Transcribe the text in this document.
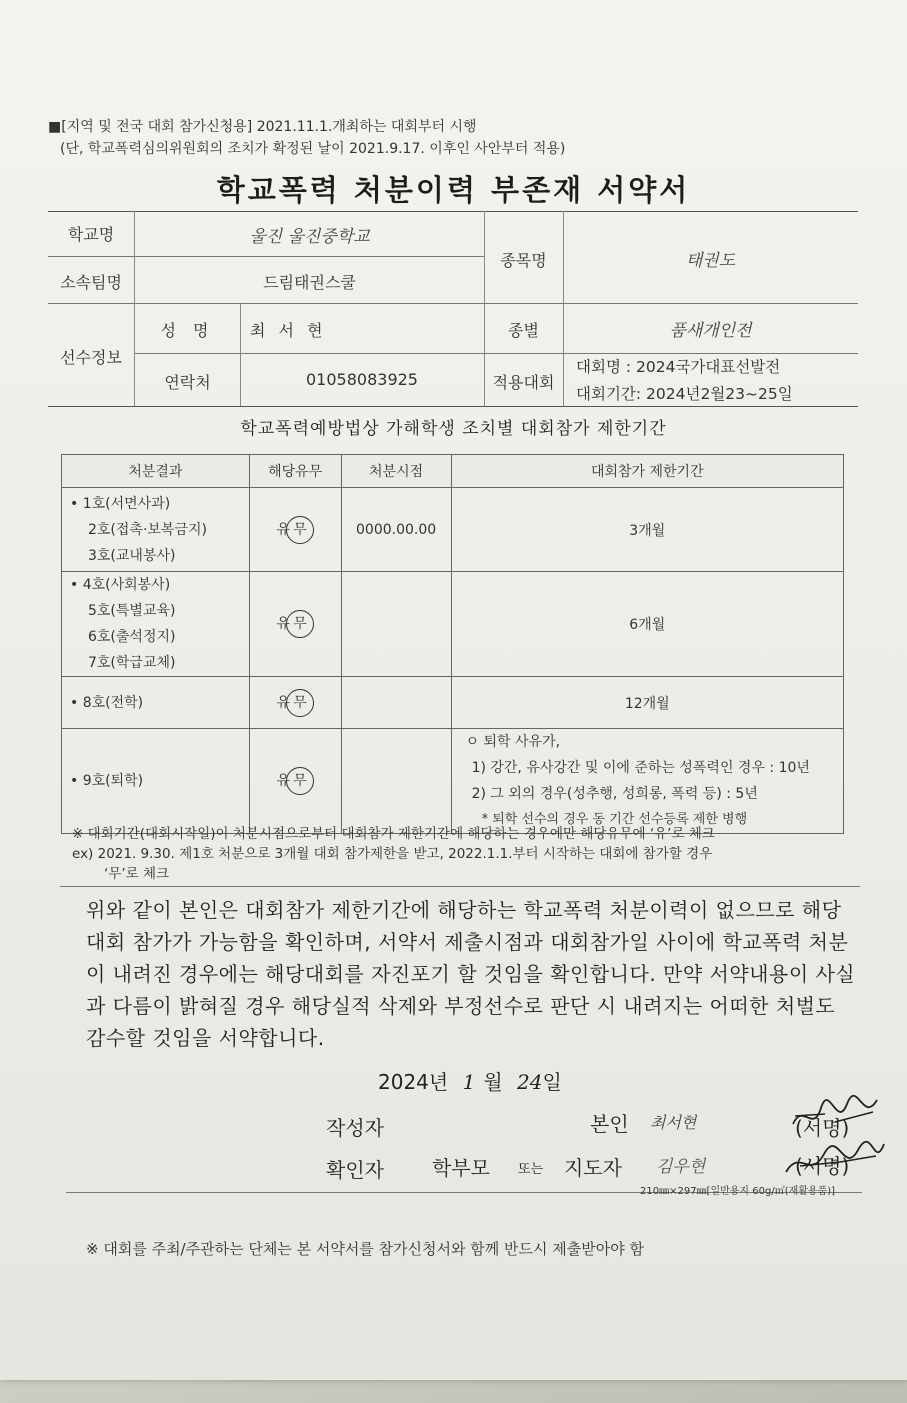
■[지역 및 전국 대회 참가신청용] 2021.11.1.개최하는 대회부터 시행
(단, 학교폭력심의위원회의 조치가 확정된 날이 2021.9.17. 이후인 사안부터 적용)
학교폭력 처분이력 부존재 서약서
학교명	울진 울진중학교
소속팀명	드림태권스쿨
종목명	태권도
선수정보
성 명	최 서 현	종별	품새개인전
연락처	01058083925	적용대회
대회명 : 2024국가대표선발전
대회기간: 2024년2월23~25일
학교폭력예방법상 가해학생 조치별 대회참가 제한기간
처분결과	해당유무	처분시점	대회참가 제한기간

• 1호(서면사과)
2호(접촉·보복금지)
3호(교내봉사)	유 무	0000.00.00	3개월

• 4호(사회봉사)
5호(특별교육)
6호(출석정지)
7호(학급교체)	유 무		6개월

• 8호(전학)	유 무		12개월

• 9호(퇴학)	유 무		ㅇ 퇴학 사유가,
1) 강간, 유사강간 및 이에 준하는 성폭력인 경우 : 10년
2) 그 외의 경우(성추행, 성희롱, 폭력 등) : 5년
* 퇴학 선수의 경우 동 기간 선수등록 제한 병행
※ 대회기간(대회시작일)이 처분시점으로부터 대회참가 제한기간에 해당하는 경우에만 해당유무에 ‘유’로 체크
ex) 2021. 9.30. 제1호 처분으로 3개월 대회 참가제한을 받고, 2022.1.1.부터 시작하는 대회에 참가할 경우
‘무’로 체크
위와 같이 본인은 대회참가 제한기간에 해당하는 학교폭력 처분이력이 없으므로 해당 대회 참가가 가능함을 확인하며, 서약서 제출시점과 대회참가일 사이에 학교폭력 처분이 내려진 경우에는 해당대회를 자진포기 할 것임을 확인합니다. 만약 서약내용이 사실과 다름이 밝혀질 경우 해당실적 삭제와 부정선수로 판단 시 내려지는 어떠한 처벌도 감수할 것임을 서약합니다.
2024년 1 월 24일
작성자	본인 최서현	(서명)
확인자 학부모 또는 지도자 김우현	(서명)
210㎜×297㎜[일반용지 60g/㎡(재활용품)]
※ 대회를 주최/주관하는 단체는 본 서약서를 참가신청서와 함께 반드시 제출받아야 함
